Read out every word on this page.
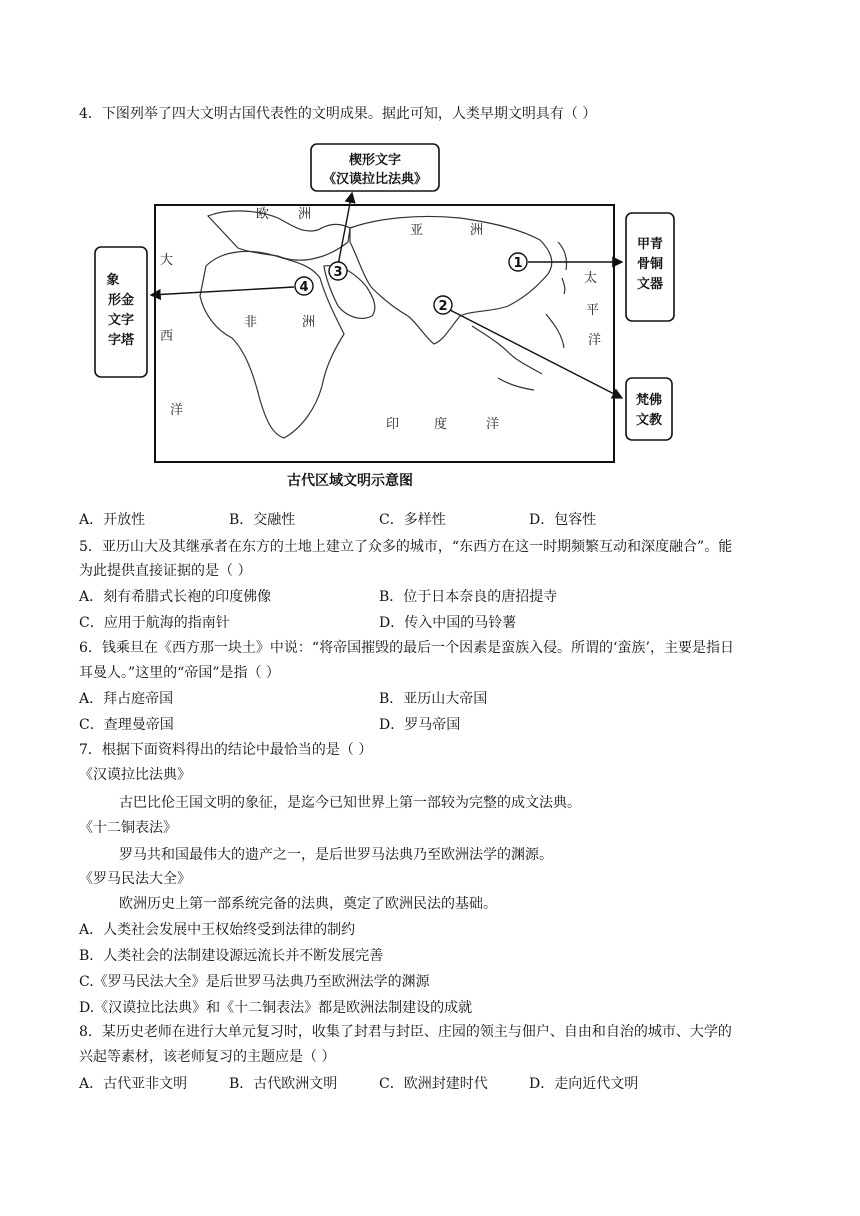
4．下图列举了四大文明古国代表性的文明成果。据此可知，人类早期文明具有（ ）
楔形文字
《汉谟拉比法典》
甲青
骨铜
文器
梵佛
文教
象
形金
文字
字塔
1
2
3
4
欧 洲
亚	洲
大
西
洋
非	洲
太
平
洋
印	度	洋
古代区域文明示意图
A．开放性	B．交融性	C．多样性	D．包容性
5．亚历山大及其继承者在东方的土地上建立了众多的城市，“东西方在这一时期频繁互动和深度融合”。能
为此提供直接证据的是（ ）
A．刻有希腊式长袍的印度佛像	B．位于日本奈良的唐招提寺
C．应用于航海的指南针	D．传入中国的马铃薯
6．钱乘旦在《西方那一块土》中说：“将帝国摧毁的最后一个因素是蛮族入侵。所谓的‘蛮族’，主要是指日
耳曼人。”这里的“帝国”是指（ ）
A．拜占庭帝国	B．亚历山大帝国
C．查理曼帝国	D．罗马帝国
7．根据下面资料得出的结论中最恰当的是（ ）
《汉谟拉比法典》
古巴比伦王国文明的象征，是迄今已知世界上第一部较为完整的成文法典。
《十二铜表法》
罗马共和国最伟大的遗产之一，是后世罗马法典乃至欧洲法学的渊源。
《罗马民法大全》
欧洲历史上第一部系统完备的法典，奠定了欧洲民法的基础。
A．人类社会发展中王权始终受到法律的制约
B．人类社会的法制建设源远流长并不断发展完善
C.《罗马民法大全》是后世罗马法典乃至欧洲法学的渊源
D.《汉谟拉比法典》和《十二铜表法》都是欧洲法制建设的成就
8．某历史老师在进行大单元复习时，收集了封君与封臣、庄园的领主与佃户、自由和自治的城市、大学的
兴起等素材，该老师复习的主题应是（ ）
A．古代亚非文明	B．古代欧洲文明	C．欧洲封建时代	D．走向近代文明
